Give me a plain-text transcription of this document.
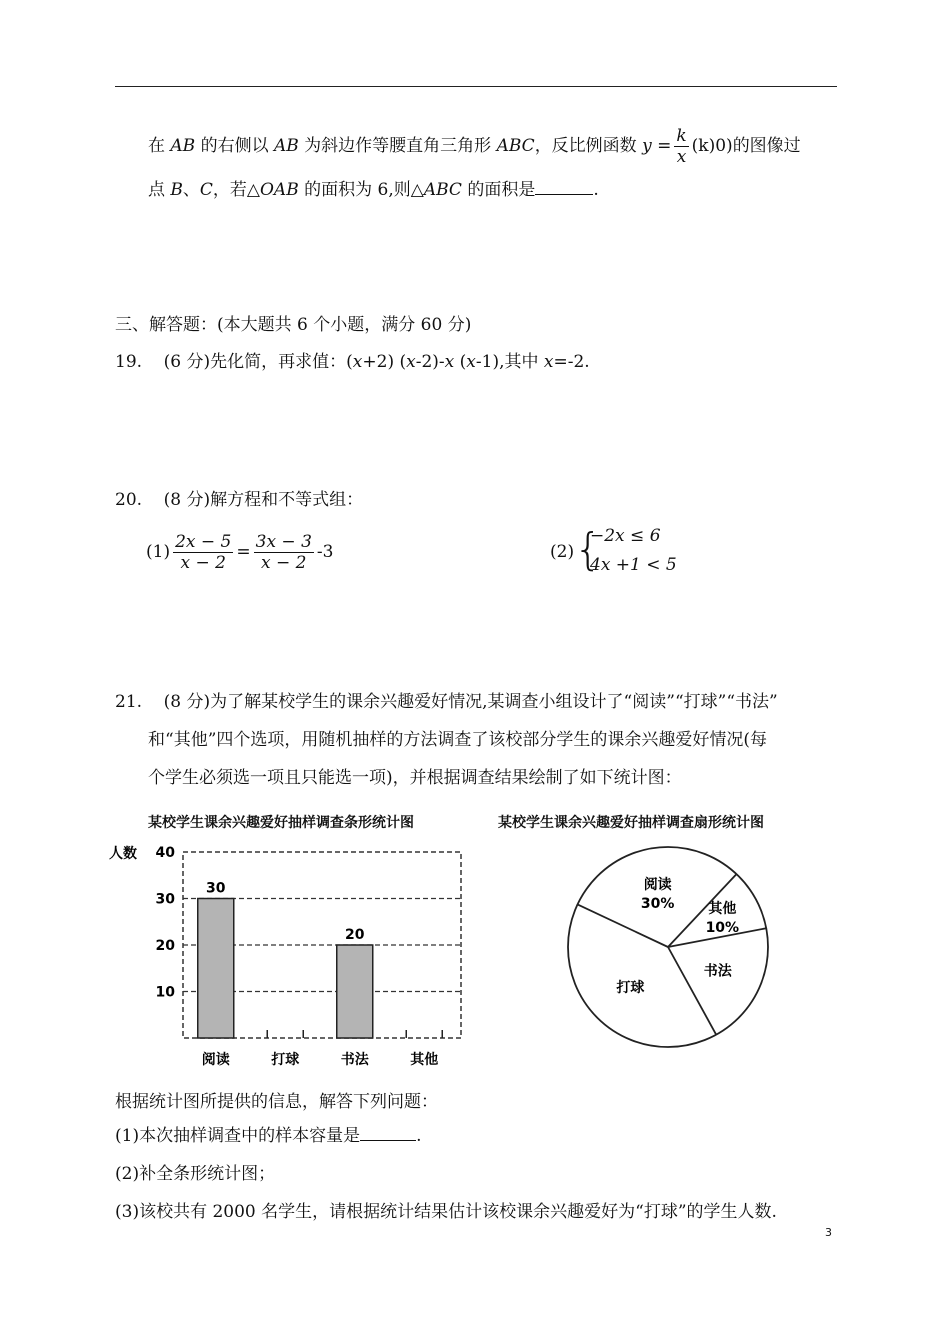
在 AB 的右侧以 AB 为斜边作等腰直角三角形 ABC，反比例函数 $y = \frac{k}{x} (k)0$)的图像过
点 B、C，若△OAB 的面积为 6,则△ABC 的面积是	.
三、解答题：(本大题共 6 个小题，满分 60 分)
19. (6 分)先化简，再求值：(x+2) (x-2)-x (x-1),其中 x=-2.
20. (8 分)解方程和不等式组：
$(1) \frac{2x - 5}{x - 2} = \frac{3x - 3}{x - 2} -3$	(2) {
−2x ≤ 6
4x +1 < 5
21. (8 分)为了解某校学生的课余兴趣爱好情况,某调查小组设计了“阅读”“打球”“书法”
和“其他”四个选项，用随机抽样的方法调查了该校部分学生的课余兴趣爱好情况(每
个学生必须选一项且只能选一项)，并根据调查结果绘制了如下统计图：
某校学生课余兴趣爱好抽样调查条形统计图
人数
10
20
30
40
阅读
30
打球	书法
20
其他
某校学生课余兴趣爱好抽样调查扇形统计图
阅读
30% 其他
10%
书法
打球
根据统计图所提供的信息，解答下列问题：
(1)本次抽样调查中的样本容量是	.
(2)补全条形统计图；
(3)该校共有 2000 名学生，请根据统计结果估计该校课余兴趣爱好为“打球”的学生人数.
3
